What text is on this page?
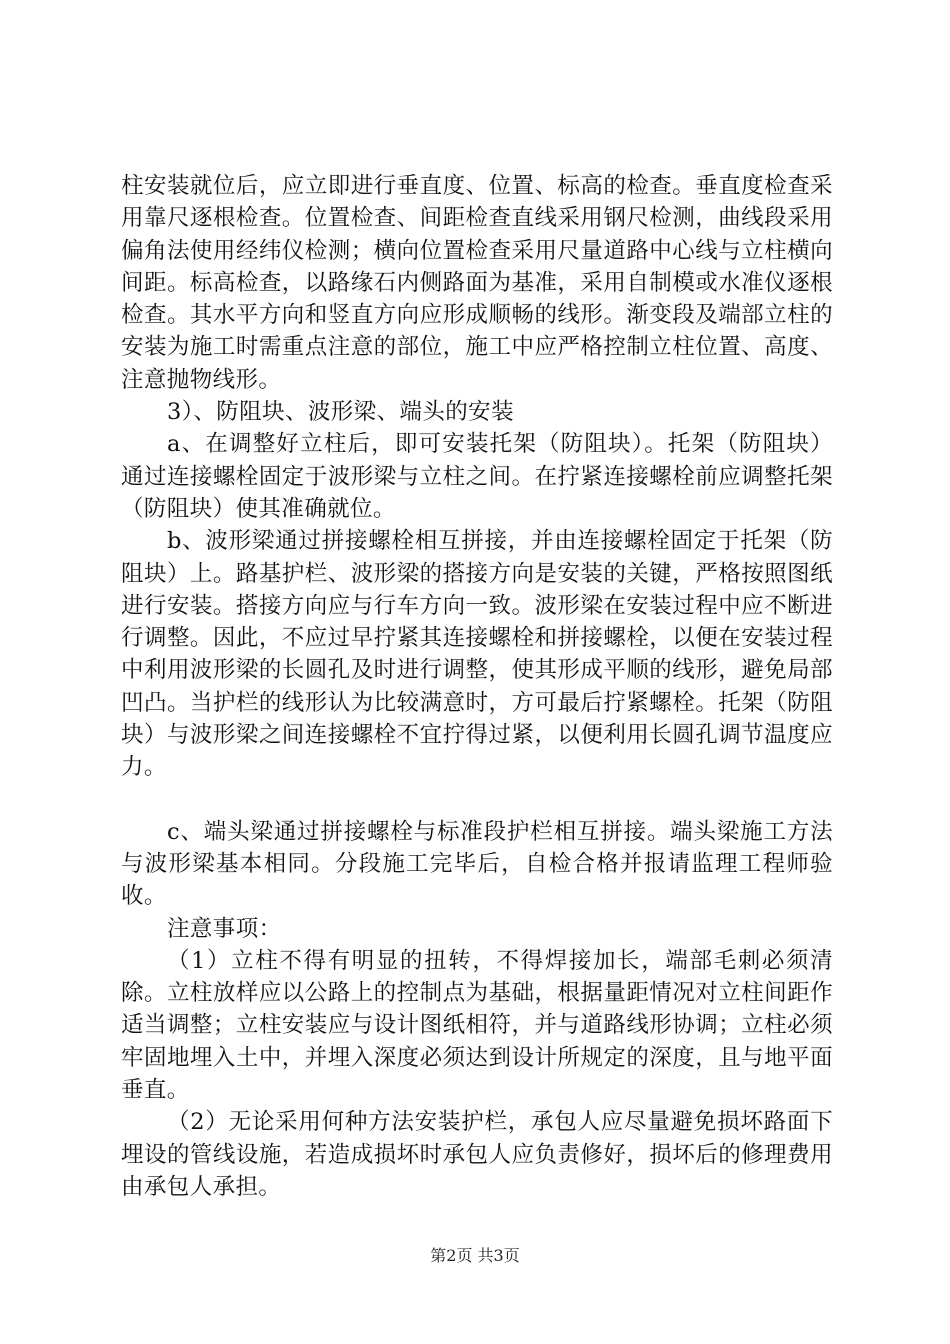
柱安装就位后，应立即进行垂直度、位置、标高的检查。垂直度检查采用靠尺逐根检查。位置检查、间距检查直线采用钢尺检测，曲线段采用偏角法使用经纬仪检测；横向位置检查采用尺量道路中心线与立柱横向间距。标高检查，以路缘石内侧路面为基准，采用自制模或水准仪逐根检查。其水平方向和竖直方向应形成顺畅的线形。渐变段及端部立柱的安装为施工时需重点注意的部位，施工中应严格控制立柱位置、高度、注意抛物线形。

3）、防阻块、波形梁、端头的安装

a、在调整好立柱后，即可安装托架（防阻块）。托架（防阻块）通过连接螺栓固定于波形梁与立柱之间。在拧紧连接螺栓前应调整托架（防阻块）使其准确就位。

b、波形梁通过拼接螺栓相互拼接，并由连接螺栓固定于托架（防阻块）上。路基护栏、波形梁的搭接方向是安装的关键，严格按照图纸进行安装。搭接方向应与行车方向一致。波形梁在安装过程中应不断进行调整。因此，不应过早拧紧其连接螺栓和拼接螺栓，以便在安装过程中利用波形梁的长圆孔及时进行调整，使其形成平顺的线形，避免局部凹凸。当护栏的线形认为比较满意时，方可最后拧紧螺栓。托架（防阻块）与波形梁之间连接螺栓不宜拧得过紧，以便利用长圆孔调节温度应力。

c、端头梁通过拼接螺栓与标准段护栏相互拼接。端头梁施工方法与波形梁基本相同。分段施工完毕后，自检合格并报请监理工程师验收。

注意事项：

（1）立柱不得有明显的扭转，不得焊接加长，端部毛刺必须清除。立柱放样应以公路上的控制点为基础，根据量距情况对立柱间距作适当调整；立柱安装应与设计图纸相符，并与道路线形协调；立柱必须牢固地埋入土中，并埋入深度必须达到设计所规定的深度，且与地平面垂直。

（2）无论采用何种方法安装护栏，承包人应尽量避免损坏路面下埋设的管线设施，若造成损坏时承包人应负责修好，损坏后的修理费用由承包人承担。

第2页 共3页
